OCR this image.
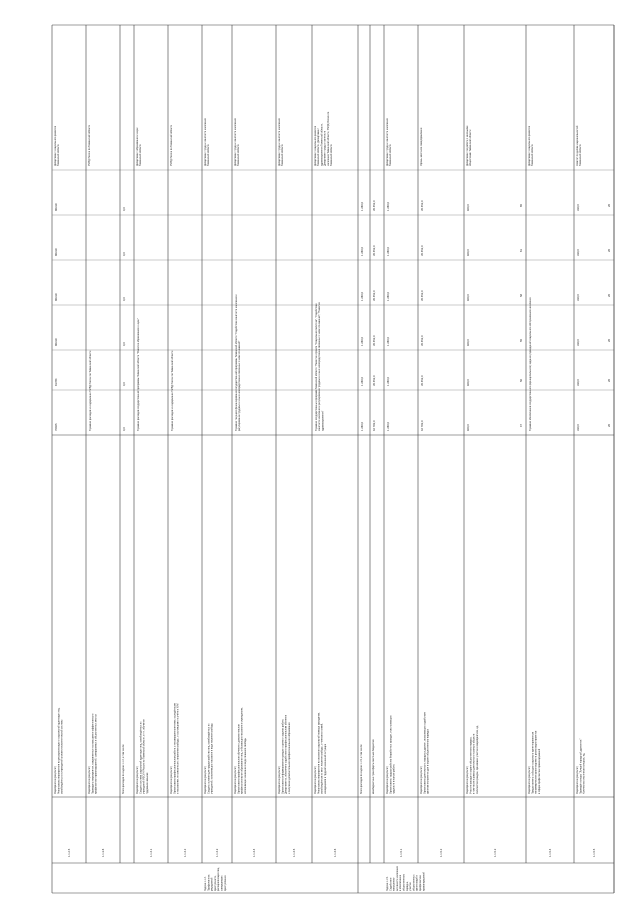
1.1.2.5
Мероприятие (результат) Реализованы мероприятия по ресоциализации и социальной адаптации лиц, освобождённых из учреждений уголовно-исполнительной системы
70405
81784
86319
86319
86319
86319
Департамент социального развития Тюменской области
1.1.3.6
Мероприятие (результат) Проведены мероприятия, направленные на повышение эффективности профилактики правонарушений, совершаемых в общественных местах
В рамках расходов на содержание УМВД России по Тюменской области
УМВД России по Тюменской области
Всего расходов по задаче 1.1.4, в том числе:
0,0
0,0
0,0
0,0
0,0
0,0
1.1.4.1
Мероприятие (результат) Создана система социальной адаптации лиц, освобождённых из учреждений УФСИН России по Тюменской области, в т.ч. обучение трудовым навыкам
В рамках расходов государственной программы Тюменской области "Развитие образования и науки"
Департамент образования и науки Тюменской области
1.1.4.2
Мероприятие (результат) Организована профессиональная работа с несовершеннолетними, осуждёнными к наказаниям, не связанным с лишением свободы, и состоящими на учёте в УИИ
В рамках расходов на содержание УМВД России по Тюменской области
УМВД России по Тюменской области
1.1.4.3
Мероприятие (результат) Созданы условия для трудоустройства лиц, освобождённых из учреждений, исполняющих наказание в виде лишения свободы
Департамент труда и занятости населения Тюменской области
1.1.4.4
Мероприятие (результат) Организовано профессиональное обучение и дополнительное профессиональное образование лиц, отбывающих наказание в учреждениях, исполняющих наказание в виде лишения свободы
В рамках текущего финансирования государственной программы Тюменской области "Содействие занятости населения ирегулирование трудовых и иных непосредственно связанных с ними отношений"
Департамент труда и занятости населения Тюменской области
1.1.4.5
Мероприятие (результат) Организовано информирование граждан о целях и задачах работы Департамента, обеспечено содействие в профессиональном обучении и получении дополнительного профессионального образования
Департамент труда и занятости населения Тюменской области
1.1.4.6
Мероприятие (результат) Реализованы мероприятия по оказанию социальной помощи гражданам, освобождённым из мест лишения свободы, и членам их семей, находящимся в трудной жизненной ситуации
В рамках государственных программ Тюменской области "Развитие отрасли "Социальная политика", "Содействиезанятости населения и регулирование трудовых и иных непосредственно связанных с ними отношений", "Развитиездравоохранения"
Департамент социального развития Тюменской области, Департамент здравоохранения Тюменской области, Департамент труда и занятости населения Тюменской области, УМВД России по Тюменской области
Всего расходов по задаче 1.1.5, в том числе:
1 280,0
1 280,0
1 280,0
1 280,0
1 280,0
1 280,0
межбюджетные трансферты местным бюджетам
42 783,0
35 453,0
35 453,0
35 453,0
35 453,0
35 453,0
1.1.5.1
Мероприятие (результат) Организованы трудоустройство безработных граждан, испытывающих трудности в поиске работы
1 280,0
1 280,0
1 280,0
1 280,0
1 280,0
1 280,0
Департамент труда и занятости населения Тюменской области
1.1.5.2
Мероприятие (результат) Организована деятельность народных дружин, оказывающих содействие органам внутренних дел в охране общественного порядка
42 783,0
35 453,0
35 453,0
35 453,0
35 453,0
35 453,0
Органы местного самоуправления
1.1.5.3
Мероприятие (результат) Участие граждан в охране общественного порядка, в том числе в рамках деятельности казачьих обществ Количество граждан, принявших участие в мероприятиях, ед.
920,0
920,0
920,0
920,0
920,0
920,0
47
50
55
58
61
65
Департамент по работе с казачьими обществами Тюменской области
1.1.5.4
Мероприятие (результат) Предоставлены субсидии социально ориентированным некоммерческим организациям на реализацию проектов в сфере профилактики правонарушений
В рамках обеспечения государственного (муниципального) задания учреждений социального обслуживания населения
Департамент социального развития Тюменской области
1.1.5.5
Мероприятие (результат) Проведён конкурс "Лучший народный дружинник" Количество участников конкурса, ед.
330,0
330,0
330,0
330,0
330,0
330,0
26
26
26
26
26
26
Комитет по делам национальностей Тюменской области
Задача 1.1.4. Профилактика рецидивной преступности, ресоциализация лиц, совершивших преступления	Задача 1.1.5. Содействие повышению активности населения в обеспечении общественного порядка, участие общественных организаций в профилактике правонарушений
